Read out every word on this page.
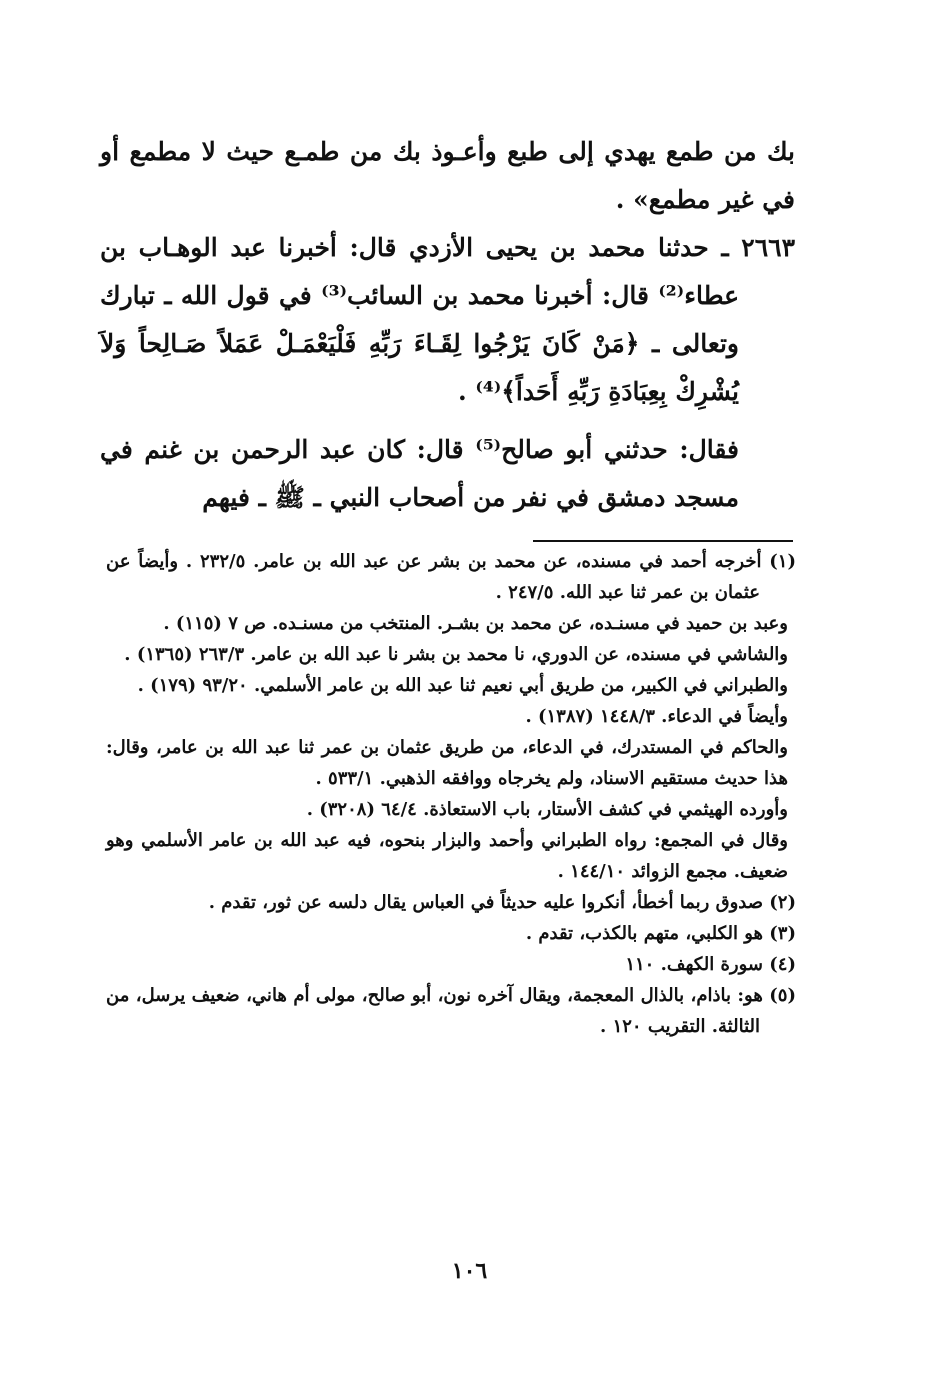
بك من طمع يهدي إلى طبع وأعـوذ بك من طمـع حيث لا مطمع أو في غير مطمع» .

٢٦٦٣ ـ حدثنا محمد بن يحيى الأزدي قال: أخبرنا عبد الوهـاب بن عطاء⁽²⁾ قال: أخبرنا محمد بن السائب⁽³⁾ في قول الله ـ تبارك وتعالى ـ ﴿مَنْ كَانَ يَرْجُوا لِقَـاءَ رَبِّهِ فَلْيَعْمَـلْ عَمَلاً صَـالِحاً وَلاَ يُشْرِكْ بِعِبَادَةِ رَبِّهِ أَحَداً﴾⁽⁴⁾ .

فقال: حدثني أبو صالح⁽⁵⁾ قال: كان عبد الرحمن بن غنم في مسجد دمشق في نفر من أصحاب النبي ـ ﷺ ـ فيهم

(١) أخرجه أحمد في مسنده، عن محمد بن بشر عن عبد الله بن عامر. ٢٣٢/٥ . وأيضاً عن عثمان بن عمر ثنا عبد الله. ٢٤٧/٥ .

وعبد بن حميد في مسنـده، عن محمد بن بشـر. المنتخب من مسنـده. ص ٧ (١١٥) .

والشاشي في مسنده، عن الدوري، نا محمد بن بشر نا عبد الله بن عامر. ٢٦٣/٣ (١٣٦٥) .

والطبراني في الكبير، من طريق أبي نعيم ثنا عبد الله بن عامر الأسلمي. ٩٣/٢٠ (١٧٩) .

وأيضاً في الدعاء. ١٤٤٨/٣ (١٣٨٧) .

والحاكم في المستدرك، في الدعاء، من طريق عثمان بن عمر ثنا عبد الله بن عامر، وقال: هذا حديث مستقيم الاسناد، ولم يخرجاه ووافقه الذهبي. ٥٣٣/١ .

وأورده الهيثمي في كشف الأستار، باب الاستعاذة. ٦٤/٤ (٣٢٠٨) .

وقال في المجمع: رواه الطبراني وأحمد والبزار بنحوه، فيه عبد الله بن عامر الأسلمي وهو ضعيف. مجمع الزوائد ١٤٤/١٠ .

(٢) صدوق ربما أخطأ، أنكروا عليه حديثاً في العباس يقال دلسه عن ثور، تقدم .

(٣) هو الكلبي، متهم بالكذب، تقدم .

(٤) سورة الكهف. ١١٠

(٥) هو: باذام، بالذال المعجمة، ويقال آخره نون، أبو صالح، مولى أم هاني، ضعيف يرسل، من الثالثة. التقريب ١٢٠ .

١٠٦
